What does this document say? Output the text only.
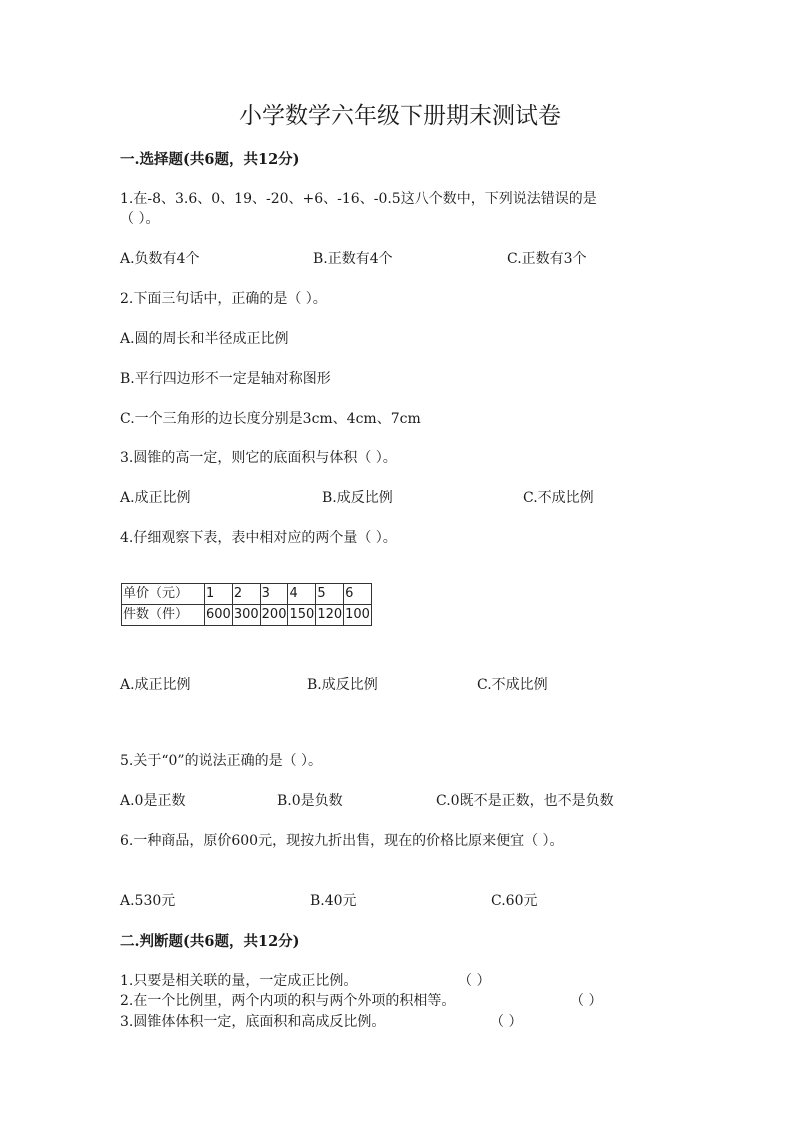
小学数学六年级下册期末测试卷
一.选择题(共6题，共12分)
1.在-8、3.6、0、19、-20、+6、-16、-0.5这八个数中，下列说法错误的是
（ ）。
A.负数有4个	B.正数有4个	C.正数有3个
2.下面三句话中，正确的是（ ）。
A.圆的周长和半径成正比例
B.平行四边形不一定是轴对称图形
C.一个三角形的边长度分别是3cm、4cm、7cm
3.圆锥的高一定，则它的底面积与体积（ ）。
A.成正比例	B.成反比例	C.不成比例
4.仔细观察下表，表中相对应的两个量（ ）。
单价（元）	1	2	3	4	5	6
件数（件）	600	300	200	150	120	100
A.成正比例	B.成反比例	C.不成比例
5.关于“0”的说法正确的是（ ）。
A.0是正数	B.0是负数	C.0既不是正数，也不是负数
6.一种商品，原价600元，现按九折出售，现在的价格比原来便宜（ ）。
A.530元	B.40元	C.60元
二.判断题(共6题，共12分)
1.只要是相关联的量，一定成正比例。	（ ）
2.在一个比例里，两个内项的积与两个外项的积相等。	（ ）
3.圆锥体体积一定，底面积和高成反比例。	（ ）
